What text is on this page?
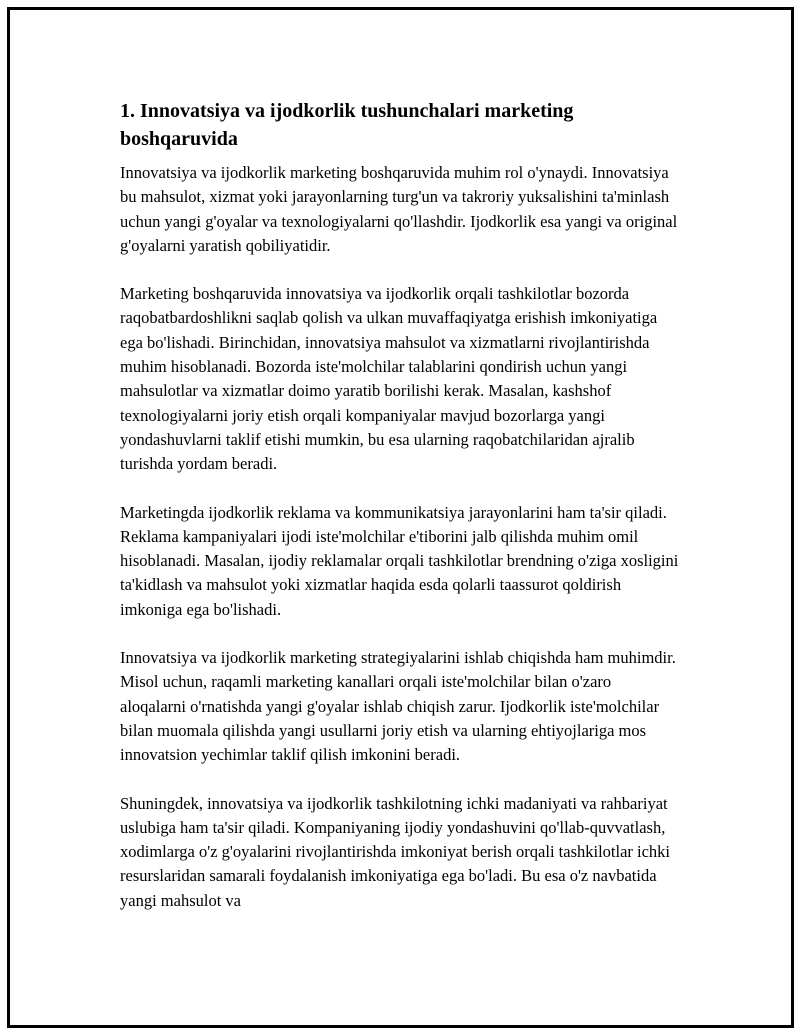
1. Innovatsiya va ijodkorlik tushunchalari marketing boshqaruvida

Innovatsiya va ijodkorlik marketing boshqaruvida muhim rol o'ynaydi. Innovatsiya bu mahsulot, xizmat yoki jarayonlarning turg'un va takroriy yuksalishini ta'minlash uchun yangi g'oyalar va texnologiyalarni qo'llashdir. Ijodkorlik esa yangi va original g'oyalarni yaratish qobiliyatidir.

Marketing boshqaruvida innovatsiya va ijodkorlik orqali tashkilotlar bozorda raqobatbardoshlikni saqlab qolish va ulkan muvaffaqiyatga erishish imkoniyatiga ega bo'lishadi. Birinchidan, innovatsiya mahsulot va xizmatlarni rivojlantirishda muhim hisoblanadi. Bozorda iste'molchilar talablarini qondirish uchun yangi mahsulotlar va xizmatlar doimo yaratib borilishi kerak. Masalan, kashshof texnologiyalarni joriy etish orqali kompaniyalar mavjud bozorlarga yangi yondashuvlarni taklif etishi mumkin, bu esa ularning raqobatchilaridan ajralib turishda yordam beradi.

Marketingda ijodkorlik reklama va kommunikatsiya jarayonlarini ham ta'sir qiladi. Reklama kampaniyalari ijodi iste'molchilar e'tiborini jalb qilishda muhim omil hisoblanadi. Masalan, ijodiy reklamalar orqali tashkilotlar brendning o'ziga xosligini ta'kidlash va mahsulot yoki xizmatlar haqida esda qolarli taassurot qoldirish imkoniga ega bo'lishadi.

Innovatsiya va ijodkorlik marketing strategiyalarini ishlab chiqishda ham muhimdir. Misol uchun, raqamli marketing kanallari orqali iste'molchilar bilan o'zaro aloqalarni o'rnatishda yangi g'oyalar ishlab chiqish zarur. Ijodkorlik iste'molchilar bilan muomala qilishda yangi usullarni joriy etish va ularning ehtiyojlariga mos innovatsion yechimlar taklif qilish imkonini beradi.

Shuningdek, innovatsiya va ijodkorlik tashkilotning ichki madaniyati va rahbariyat uslubiga ham ta'sir qiladi. Kompaniyaning ijodiy yondashuvini qo'llab-quvvatlash, xodimlarga o'z g'oyalarini rivojlantirishda imkoniyat berish orqali tashkilotlar ichki resurslaridan samarali foydalanish imkoniyatiga ega bo'ladi. Bu esa o'z navbatida yangi mahsulot va
